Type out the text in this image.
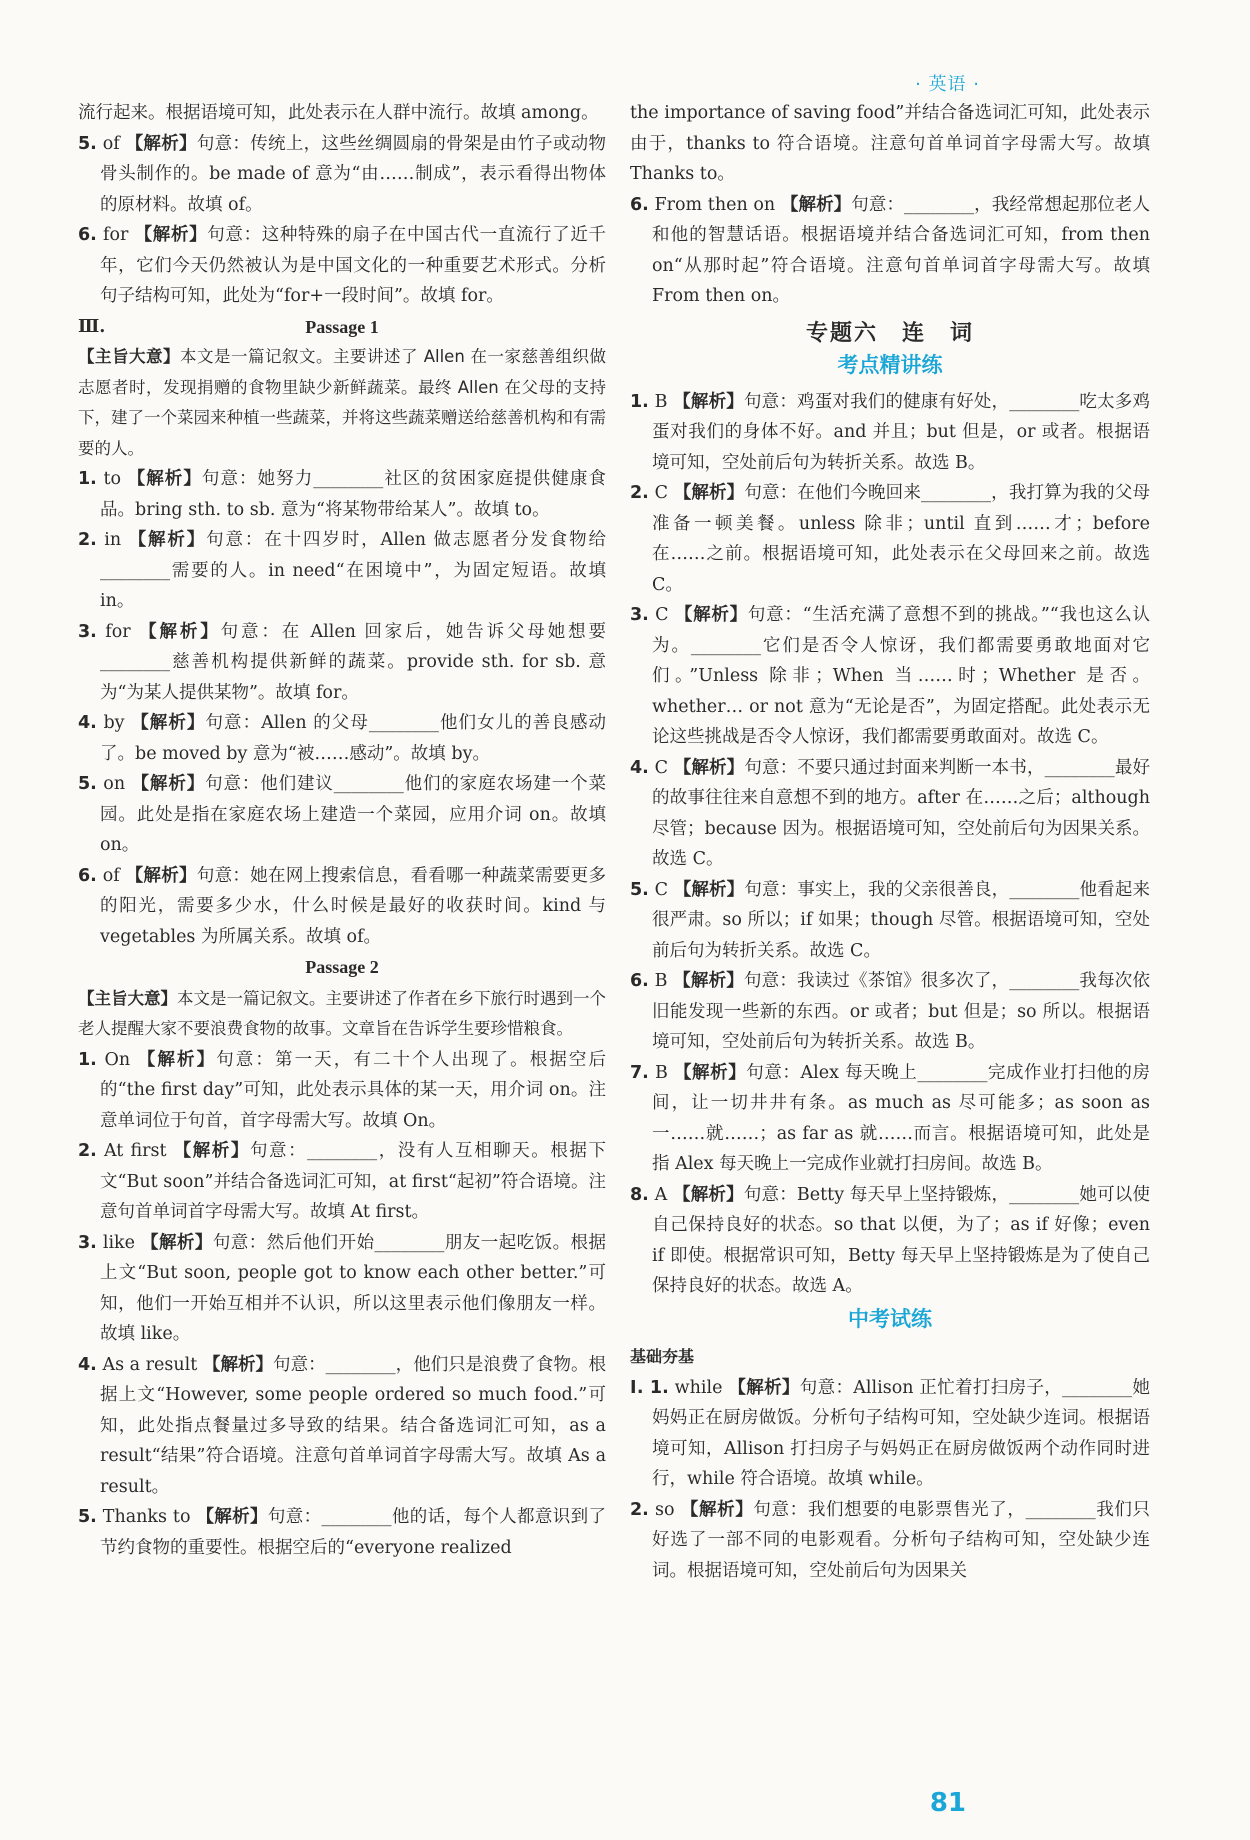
· 英语 ·

流行起来。根据语境可知，此处表示在人群中流行。故填 among。

5. of 【解析】句意：传统上，这些丝绸圆扇的骨架是由竹子或动物骨头制作的。be made of 意为“由……制成”，表示看得出物体的原材料。故填 of。

6. for 【解析】句意：这种特殊的扇子在中国古代一直流行了近千年，它们今天仍然被认为是中国文化的一种重要艺术形式。分析句子结构可知，此处为“for+一段时间”。故填 for。

Ⅲ.	Passage 1

【主旨大意】本文是一篇记叙文。主要讲述了 Allen 在一家慈善组织做志愿者时，发现捐赠的食物里缺少新鲜蔬菜。最终 Allen 在父母的支持下，建了一个菜园来种植一些蔬菜，并将这些蔬菜赠送给慈善机构和有需要的人。

1. to 【解析】句意：她努力________社区的贫困家庭提供健康食品。bring sth. to sb. 意为“将某物带给某人”。故填 to。

2. in 【解析】句意：在十四岁时，Allen 做志愿者分发食物给________需要的人。in need“在困境中”，为固定短语。故填 in。

3. for 【解析】句意：在 Allen 回家后，她告诉父母她想要________慈善机构提供新鲜的蔬菜。provide sth. for sb. 意为“为某人提供某物”。故填 for。

4. by 【解析】句意：Allen 的父母________他们女儿的善良感动了。be moved by 意为“被……感动”。故填 by。

5. on 【解析】句意：他们建议________他们的家庭农场建一个菜园。此处是指在家庭农场上建造一个菜园，应用介词 on。故填 on。

6. of 【解析】句意：她在网上搜索信息，看看哪一种蔬菜需要更多的阳光，需要多少水，什么时候是最好的收获时间。kind 与 vegetables 为所属关系。故填 of。

Passage 2

【主旨大意】本文是一篇记叙文。主要讲述了作者在乡下旅行时遇到一个老人提醒大家不要浪费食物的故事。文章旨在告诉学生要珍惜粮食。

1. On 【解析】句意：第一天，有二十个人出现了。根据空后的“the first day”可知，此处表示具体的某一天，用介词 on。注意单词位于句首，首字母需大写。故填 On。

2. At first 【解析】句意：________，没有人互相聊天。根据下文“But soon”并结合备选词汇可知，at first“起初”符合语境。注意句首单词首字母需大写。故填 At first。

3. like 【解析】句意：然后他们开始________朋友一起吃饭。根据上文“But soon, people got to know each other better.”可知，他们一开始互相并不认识，所以这里表示他们像朋友一样。故填 like。

4. As a result 【解析】句意：________，他们只是浪费了食物。根据上文“However, some people ordered so much food.”可知，此处指点餐量过多导致的结果。结合备选词汇可知，as a result“结果”符合语境。注意句首单词首字母需大写。故填 As a result。

5. Thanks to 【解析】句意：________他的话，每个人都意识到了节约食物的重要性。根据空后的“everyone realized

the importance of saving food”并结合备选词汇可知，此处表示由于，thanks to 符合语境。注意句首单词首字母需大写。故填 Thanks to。

6. From then on 【解析】句意：________，我经常想起那位老人和他的智慧话语。根据语境并结合备选词汇可知，from then on“从那时起”符合语境。注意句首单词首字母需大写。故填 From then on。

专题六　连　词
考点精讲练

1. B 【解析】句意：鸡蛋对我们的健康有好处，________吃太多鸡蛋对我们的身体不好。and 并且；but 但是，or 或者。根据语境可知，空处前后句为转折关系。故选 B。

2. C 【解析】句意：在他们今晚回来________，我打算为我的父母准备一顿美餐。unless 除非；until 直到……才；before 在……之前。根据语境可知，此处表示在父母回来之前。故选 C。

3. C 【解析】句意：“生活充满了意想不到的挑战。”“我也这么认为。________它们是否令人惊讶，我们都需要勇敢地面对它们。”Unless 除非；When 当……时；Whether 是否。whether… or not 意为“无论是否”，为固定搭配。此处表示无论这些挑战是否令人惊讶，我们都需要勇敢面对。故选 C。

4. C 【解析】句意：不要只通过封面来判断一本书，________最好的故事往往来自意想不到的地方。after 在……之后；although 尽管；because 因为。根据语境可知，空处前后句为因果关系。故选 C。

5. C 【解析】句意：事实上，我的父亲很善良，________他看起来很严肃。so 所以；if 如果；though 尽管。根据语境可知，空处前后句为转折关系。故选 C。

6. B 【解析】句意：我读过《茶馆》很多次了，________我每次依旧能发现一些新的东西。or 或者；but 但是；so 所以。根据语境可知，空处前后句为转折关系。故选 B。

7. B 【解析】句意：Alex 每天晚上________完成作业打扫他的房间，让一切井井有条。as much as 尽可能多；as soon as 一……就……；as far as 就……而言。根据语境可知，此处是指 Alex 每天晚上一完成作业就打扫房间。故选 B。

8. A 【解析】句意：Betty 每天早上坚持锻炼，________她可以使自己保持良好的状态。so that 以便，为了；as if 好像；even if 即使。根据常识可知，Betty 每天早上坚持锻炼是为了使自己保持良好的状态。故选 A。

中考试练
基础夯基

Ⅰ. 1. while 【解析】句意：Allison 正忙着打扫房子，________她妈妈正在厨房做饭。分析句子结构可知，空处缺少连词。根据语境可知，Allison 打扫房子与妈妈正在厨房做饭两个动作同时进行，while 符合语境。故填 while。

2. so 【解析】句意：我们想要的电影票售光了，________我们只好选了一部不同的电影观看。分析句子结构可知，空处缺少连词。根据语境可知，空处前后句为因果关

81
